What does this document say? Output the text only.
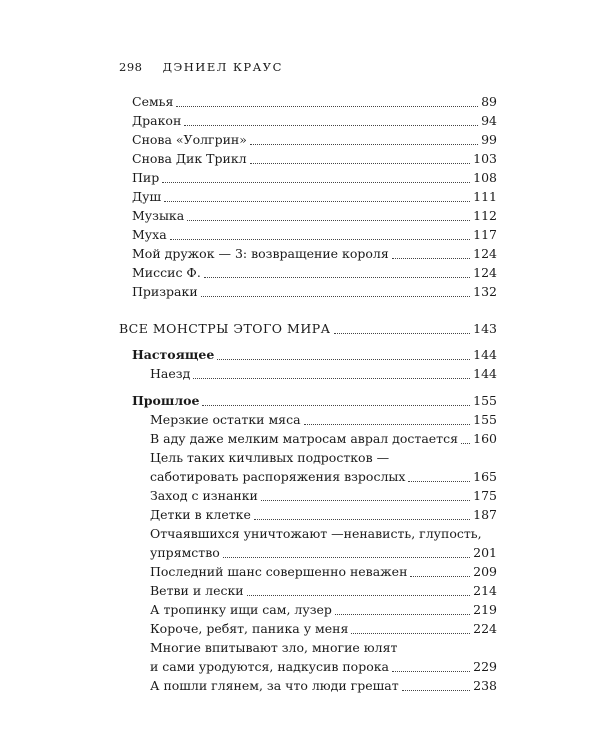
298 ДЭНИЕЛ КРАУС
Семья	89
Дракон	94
Снова «Уолгрин»	99
Снова Дик Трикл	103
Пир	108
Душ	111
Музыка	112
Муха	117
Мой дружок — 3: возвращение короля	124
Миссис Ф.	124
Призраки	132
ВСЕ МОНСТРЫ ЭТОГО МИРА	143
Настоящее	144
Наезд	144
Прошлое	155
Мерзкие остатки мяса	155
В аду даже мелким матросам аврал достается 160
Цель таких кичливых подростков —
саботировать распоряжения взрослых	165
Заход с изнанки	175
Детки в клетке	187
Отчаявшихся уничтожают —ненависть, глупость,
упрямство	201
Последний шанс совершенно неважен	209
Ветви и лески	214
А тропинку ищи сам, лузер	219
Короче, ребят, паника у меня	224
Многие впитывают зло, многие юлят
и сами уродуются, надкусив порока	229
А пошли глянем, за что люди грешат	238
